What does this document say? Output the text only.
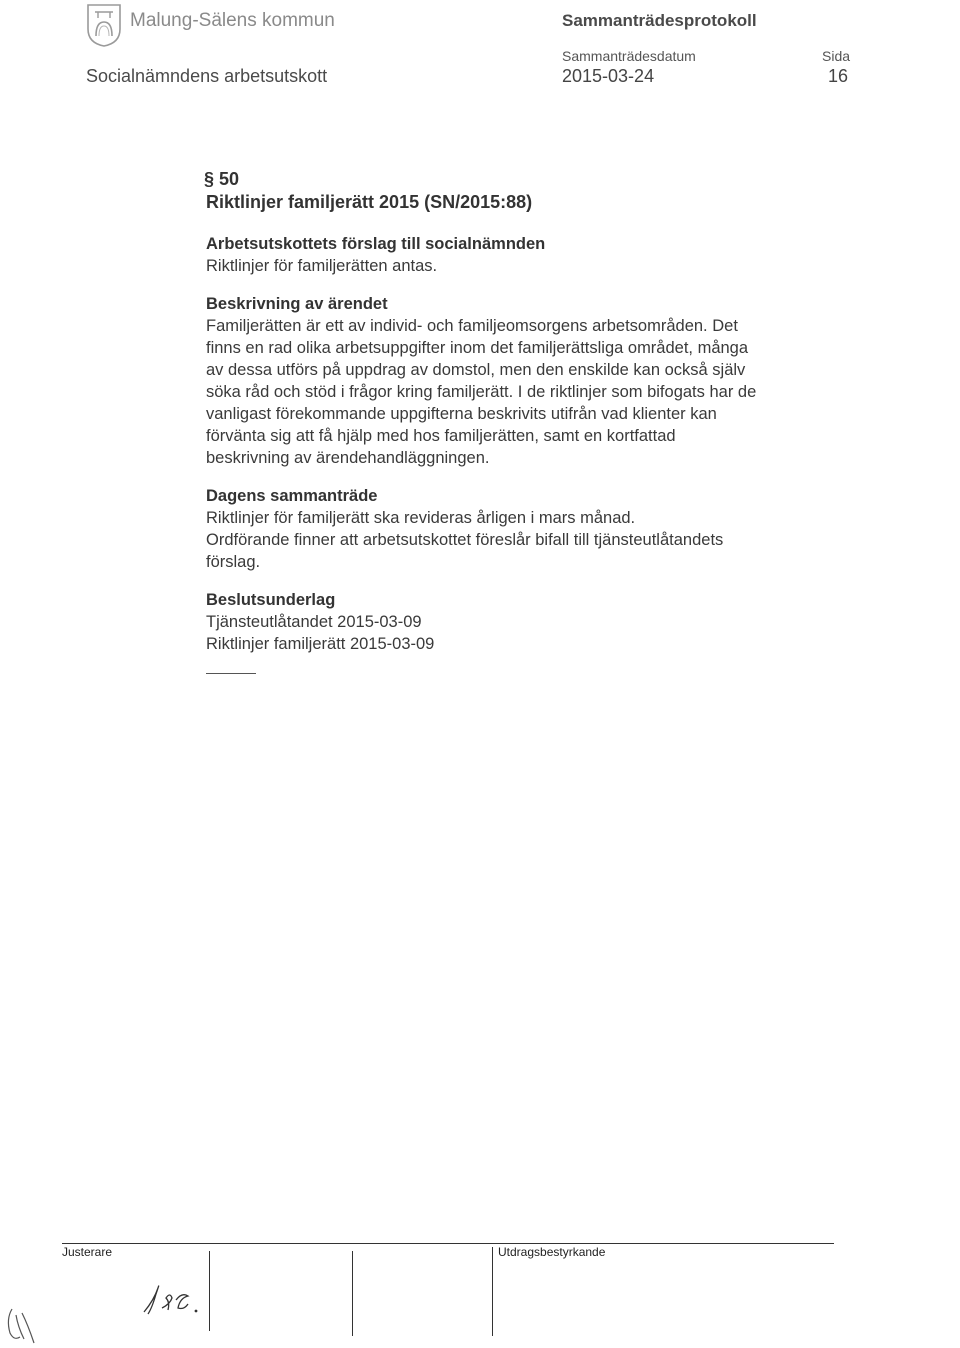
Malung-Sälens kommun
Socialnämndens arbetsutskott
Sammanträdesprotokoll
Sammanträdesdatum
2015-03-24
Sida
16
§ 50
Riktlinjer familjerätt 2015 (SN/2015:88)
Arbetsutskottets förslag till socialnämnden

Riktlinjer för familjerätten antas.

Beskrivning av ärendet

Familjerätten är ett av individ- och familjeomsorgens arbetsområden. Det

finns en rad olika arbetsuppgifter inom det familjerättsliga området, många

av dessa utförs på uppdrag av domstol, men den enskilde kan också själv

söka råd och stöd i frågor kring familjerätt. I de riktlinjer som bifogats har de

vanligast förekommande uppgifterna beskrivits utifrån vad klienter kan

förvänta sig att få hjälp med hos familjerätten, samt en kortfattad

beskrivning av ärendehandläggningen.

Dagens sammanträde

Riktlinjer för familjerätt ska revideras årligen i mars månad.

Ordförande finner att arbetsutskottet föreslår bifall till tjänsteutlåtandets

förslag.

Beslutsunderlag

Tjänsteutlåtandet 2015-03-09

Riktlinjer familjerätt 2015-03-09

Justerare	Utdragsbestyrkande
